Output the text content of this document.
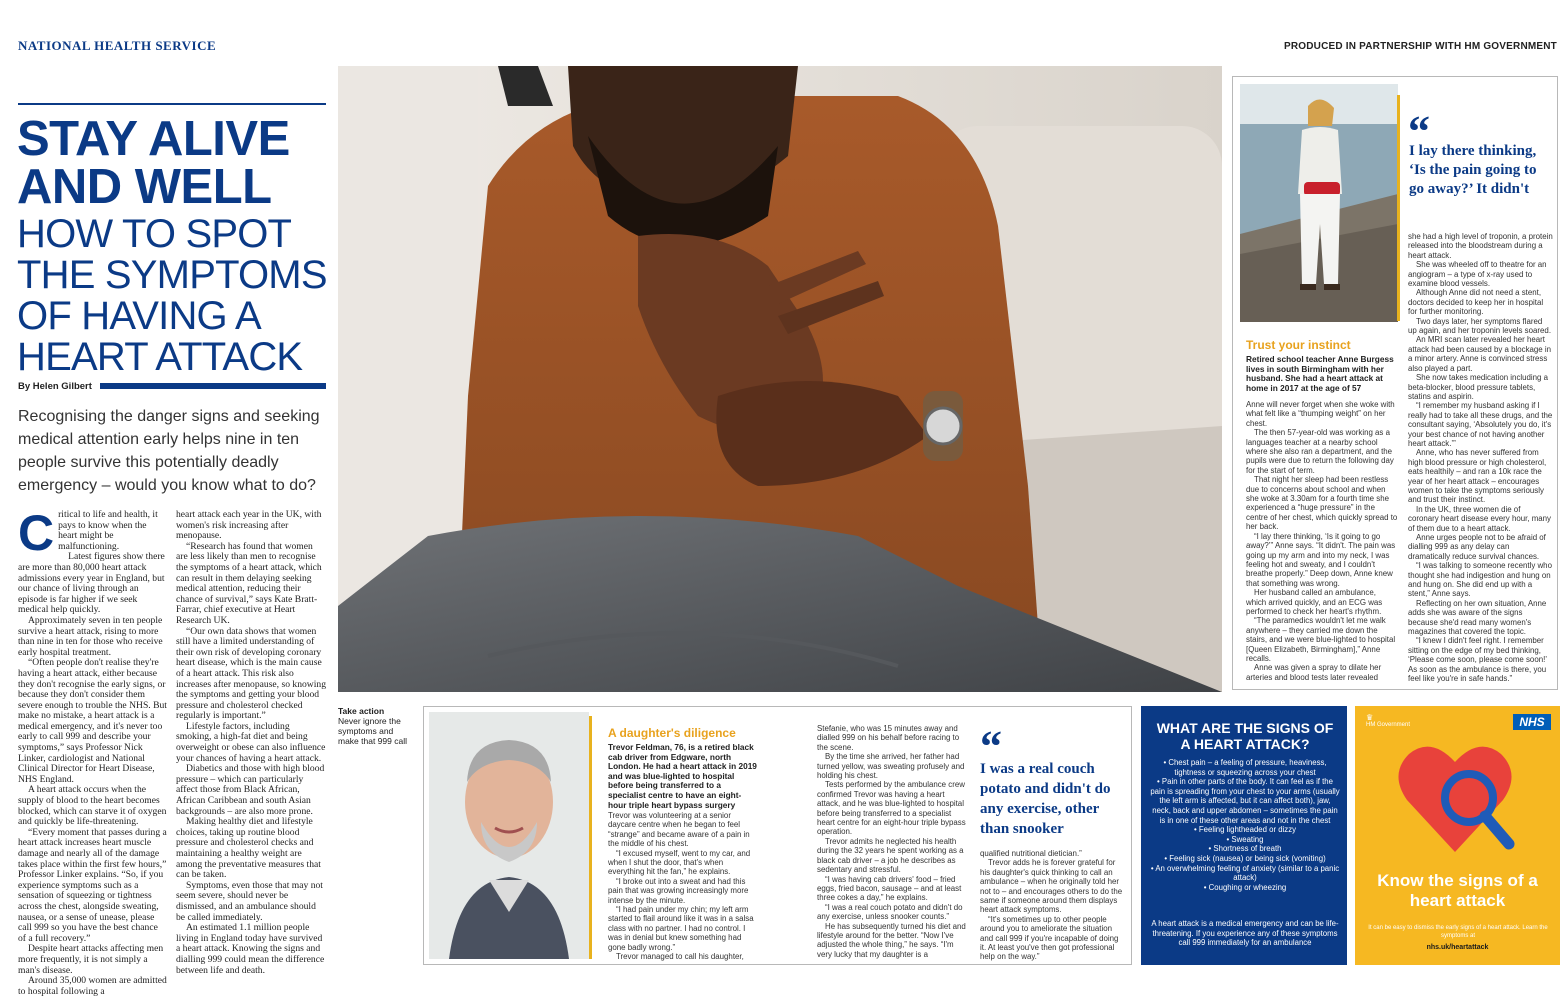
NATIONAL HEALTH SERVICE	PRODUCED IN PARTNERSHIP WITH HM GOVERNMENT
STAY ALIVE AND WELL
HOW TO SPOT THE SYMPTOMS OF HAVING A HEART ATTACK
By Helen Gilbert
Recognising the danger signs and seeking medical attention early helps nine in ten people survive this potentially deadly emergency – would you know what to do?
C ritical to life and health, it pays to know when the heart might be malfunctioning.

Latest figures show there are more than 80,000 heart attack admissions every year in England, but our chance of living through an episode is far higher if we seek medical help quickly.

Approximately seven in ten people survive a heart attack, rising to more than nine in ten for those who receive early hospital treatment.

“Often people don't realise they're having a heart attack, either because they don't recognise the early signs, or because they don't consider them severe enough to trouble the NHS. But make no mistake, a heart attack is a medical emergency, and it's never too early to call 999 and describe your symptoms,” says Professor Nick Linker, cardiologist and National Clinical Director for Heart Disease, NHS England.

A heart attack occurs when the supply of blood to the heart becomes blocked, which can starve it of oxygen and quickly be life-threatening.

“Every moment that passes during a heart attack increases heart muscle damage and nearly all of the damage takes place within the first few hours,” Professor Linker explains. “So, if you experience symptoms such as a sensation of squeezing or tightness across the chest, alongside sweating, nausea, or a sense of unease, please call 999 so you have the best chance of a full recovery.”

Despite heart attacks affecting men more frequently, it is not simply a man's disease.

Around 35,000 women are admitted to hospital following a

heart attack each year in the UK, with women's risk increasing after menopause.

“Research has found that women are less likely than men to recognise the symptoms of a heart attack, which can result in them delaying seeking medical attention, reducing their chance of survival,” says Kate Bratt-Farrar, chief executive at Heart Research UK.

“Our own data shows that women still have a limited understanding of their own risk of developing coronary heart disease, which is the main cause of a heart attack. This risk also increases after menopause, so knowing the symptoms and getting your blood pressure and cholesterol checked regularly is important.”

Lifestyle factors, including smoking, a high-fat diet and being overweight or obese can also influence your chances of having a heart attack.

Diabetics and those with high blood pressure – which can particularly affect those from Black African, African Caribbean and south Asian backgrounds – are also more prone.

Making healthy diet and lifestyle choices, taking up routine blood pressure and cholesterol checks and maintaining a healthy weight are among the preventative measures that can be taken.

Symptoms, even those that may not seem severe, should never be dismissed, and an ambulance should be called immediately.

An estimated 1.1 million people living in England today have survived a heart attack. Knowing the signs and dialling 999 could mean the difference between life and death.

Take action
Never ignore the symptoms and make that 999 call
“
I lay there thinking, ‘Is the pain going to go away?’ It didn't
Trust your instinct
Retired school teacher Anne Burgess lives in south Birmingham with her husband. She had a heart attack at home in 2017 at the age of 57

Anne will never forget when she woke with what felt like a “thumping weight” on her chest.

The then 57-year-old was working as a languages teacher at a nearby school where she also ran a department, and the pupils were due to return the following day for the start of term.

That night her sleep had been restless due to concerns about school and when she woke at 3.30am for a fourth time she experienced a “huge pressure” in the centre of her chest, which quickly spread to her back.

“I lay there thinking, ‘Is it going to go away?’” Anne says. “It didn't. The pain was going up my arm and into my neck, I was feeling hot and sweaty, and I couldn't breathe properly.” Deep down, Anne knew that something was wrong.

Her husband called an ambulance, which arrived quickly, and an ECG was performed to check her heart's rhythm.

“The paramedics wouldn't let me walk anywhere – they carried me down the stairs, and we were blue-lighted to hospital [Queen Elizabeth, Birmingham],” Anne recalls.

Anne was given a spray to dilate her arteries and blood tests later revealed

she had a high level of troponin, a protein released into the bloodstream during a heart attack.

She was wheeled off to theatre for an angiogram – a type of x-ray used to examine blood vessels.

Although Anne did not need a stent, doctors decided to keep her in hospital for further monitoring.

Two days later, her symptoms flared up again, and her troponin levels soared.

An MRI scan later revealed her heart attack had been caused by a blockage in a minor artery. Anne is convinced stress also played a part.

She now takes medication including a beta-blocker, blood pressure tablets, statins and aspirin.

“I remember my husband asking if I really had to take all these drugs, and the consultant saying, ‘Absolutely you do, it's your best chance of not having another heart attack.’”

Anne, who has never suffered from high blood pressure or high cholesterol, eats healthily – and ran a 10k race the year of her heart attack – encourages women to take the symptoms seriously and trust their instinct.

In the UK, three women die of coronary heart disease every hour, many of them due to a heart attack.

Anne urges people not to be afraid of dialling 999 as any delay can dramatically reduce survival chances.

“I was talking to someone recently who thought she had indigestion and hung on and hung on. She did end up with a stent,” Anne says.

Reflecting on her own situation, Anne adds she was aware of the signs because she'd read many women's magazines that covered the topic.

“I knew I didn't feel right. I remember sitting on the edge of my bed thinking, ‘Please come soon, please come soon!’ As soon as the ambulance is there, you feel like you're in safe hands.”

A daughter's diligence
Trevor Feldman, 76, is a retired black cab driver from Edgware, north London. He had a heart attack in 2019 and was blue-lighted to hospital before being transferred to a specialist centre to have an eight-hour triple heart bypass surgery

Trevor was volunteering at a senior daycare centre when he began to feel “strange” and became aware of a pain in the middle of his chest.

“I excused myself, went to my car, and when I shut the door, that's when everything hit the fan,” he explains.

“I broke out into a sweat and had this pain that was growing increasingly more intense by the minute.

“I had pain under my chin; my left arm started to flail around like it was in a salsa class with no partner. I had no control. I was in denial but knew something had gone badly wrong.”

Trevor managed to call his daughter,

Stefanie, who was 15 minutes away and dialled 999 on his behalf before racing to the scene.

By the time she arrived, her father had turned yellow, was sweating profusely and holding his chest.

Tests performed by the ambulance crew confirmed Trevor was having a heart attack, and he was blue-lighted to hospital before being transferred to a specialist heart centre for an eight-hour triple bypass operation.

Trevor admits he neglected his health during the 32 years he spent working as a black cab driver – a job he describes as sedentary and stressful.

“I was having cab drivers' food – fried eggs, fried bacon, sausage – and at least three cokes a day,” he explains.

“I was a real couch potato and didn't do any exercise, unless snooker counts.”

He has subsequently turned his diet and lifestyle around for the better. “Now I've adjusted the whole thing,” he says. “I'm very lucky that my daughter is a

“
I was a real couch potato and didn't do any exercise, other than snooker

qualified nutritional dietician.”

Trevor adds he is forever grateful for his daughter's quick thinking to call an ambulance – when he originally told her not to – and encourages others to do the same if someone around them displays heart attack symptoms.

“It's sometimes up to other people around you to ameliorate the situation and call 999 if you're incapable of doing it. At least you've then got professional help on the way.”

WHAT ARE THE SIGNS OF A HEART ATTACK?
• Chest pain – a feeling of pressure, heaviness, tightness or squeezing across your chest
• Pain in other parts of the body. It can feel as if the pain is spreading from your chest to your arms (usually the left arm is affected, but it can affect both), jaw, neck, back and upper abdomen – sometimes the pain is in one of these other areas and not in the chest
• Feeling lightheaded or dizzy
• Sweating
• Shortness of breath
• Feeling sick (nausea) or being sick (vomiting)
• An overwhelming feeling of anxiety (similar to a panic attack)
• Coughing or wheezing
A heart attack is a medical emergency and can be life-threatening. If you experience any of these symptoms call 999 immediately for an ambulance
♛
HM Government	NHS
Know the signs of a heart attack
It can be easy to dismiss the early signs of a heart attack. Learn the symptoms at
nhs.uk/heartattack
